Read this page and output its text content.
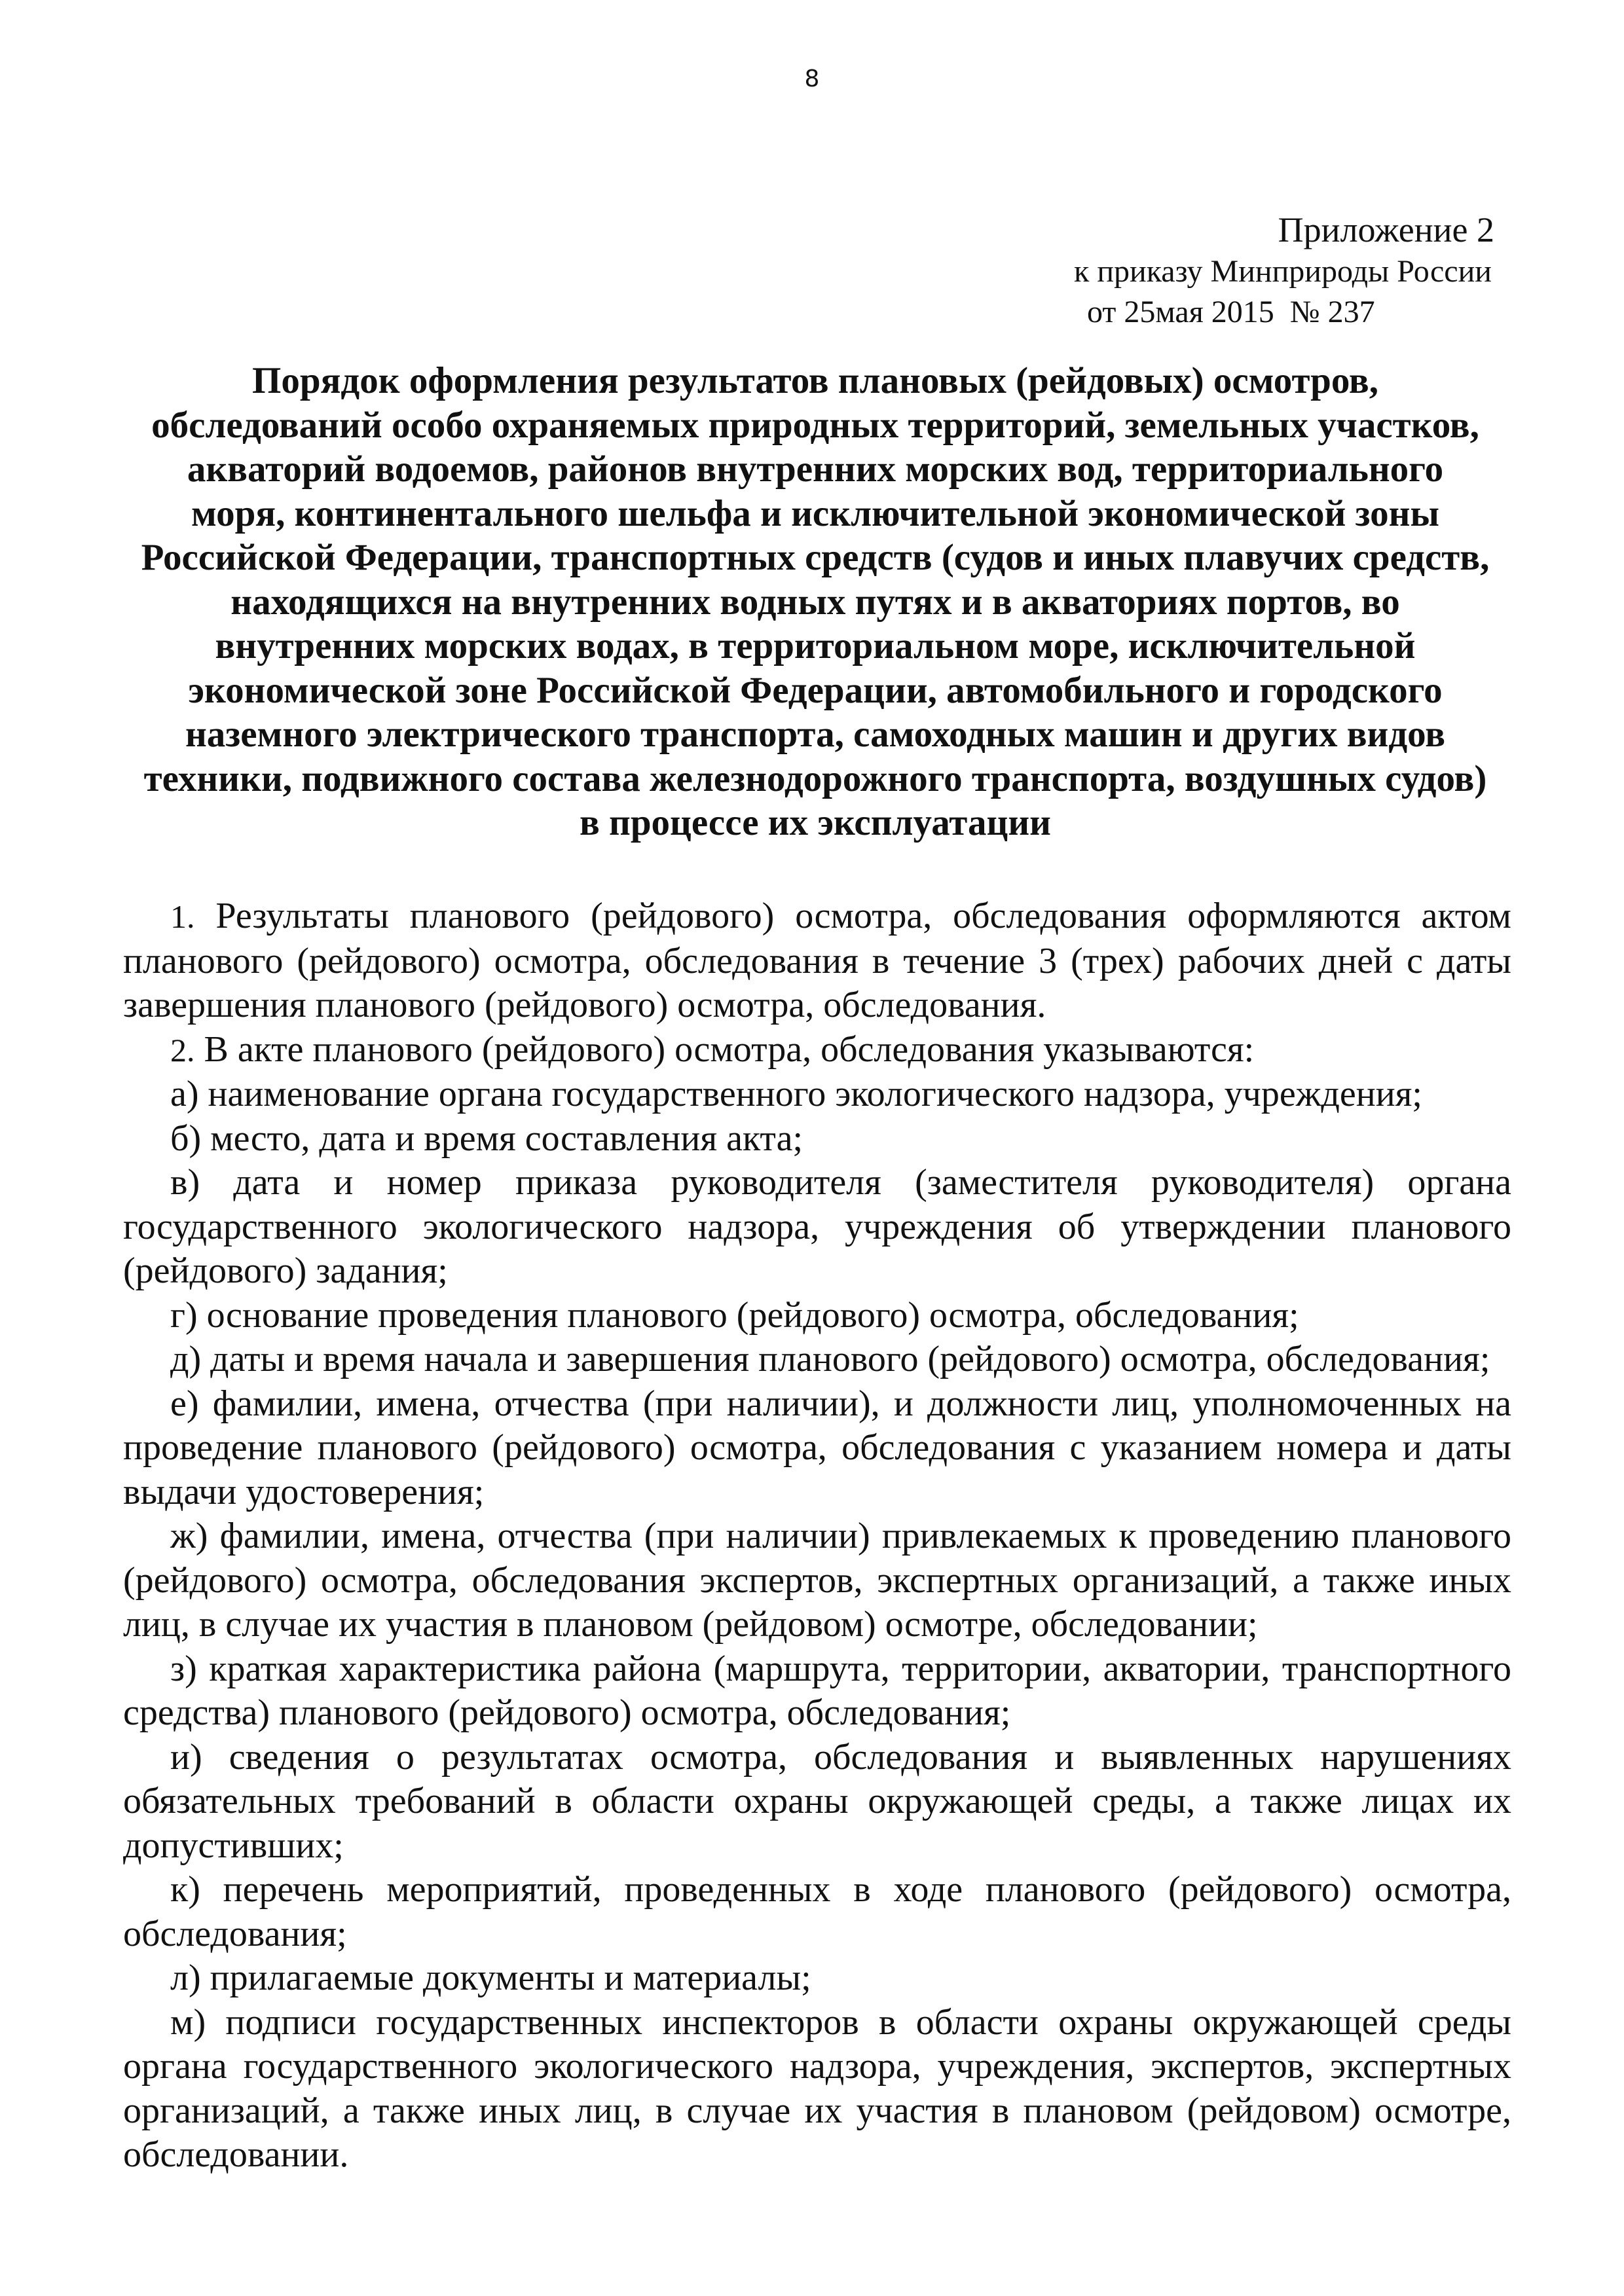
8
Приложение 2
к приказу Минприроды России
от 25мая 2015 № 237
Порядок оформления результатов плановых (рейдовых) осмотров,
обследований особо охраняемых природных территорий, земельных участков,
акваторий водоемов, районов внутренних морских вод, территориального
моря, континентального шельфа и исключительной экономической зоны
Российской Федерации, транспортных средств (судов и иных плавучих средств,
находящихся на внутренних водных путях и в акваториях портов, во
внутренних морских водах, в территориальном море, исключительной
экономической зоне Российской Федерации, автомобильного и городского
наземного электрического транспорта, самоходных машин и других видов
техники, подвижного состава железнодорожного транспорта, воздушных судов)
в процессе их эксплуатации

1. Результаты планового (рейдового) осмотра, обследования оформляются актом планового (рейдового) осмотра, обследования в течение 3 (трех) рабочих дней с даты завершения планового (рейдового) осмотра, обследования.

2. В акте планового (рейдового) осмотра, обследования указываются:

а) наименование органа государственного экологического надзора, учреждения;

б) место, дата и время составления акта;

в) дата и номер приказа руководителя (заместителя руководителя) органа государственного экологического надзора, учреждения об утверждении планового (рейдового) задания;

г) основание проведения планового (рейдового) осмотра, обследования;

д) даты и время начала и завершения планового (рейдового) осмотра, обследования;

е) фамилии, имена, отчества (при наличии), и должности лиц, уполномоченных на проведение планового (рейдового) осмотра, обследования с указанием номера и даты выдачи удостоверения;

ж) фамилии, имена, отчества (при наличии) привлекаемых к проведению планового (рейдового) осмотра, обследования экспертов, экспертных организаций, а также иных лиц, в случае их участия в плановом (рейдовом) осмотре, обследовании;

з) краткая характеристика района (маршрута, территории, акватории, транспортного средства) планового (рейдового) осмотра, обследования;

и) сведения о результатах осмотра, обследования и выявленных нарушениях обязательных требований в области охраны окружающей среды, а также лицах их допустивших;

к) перечень мероприятий, проведенных в ходе планового (рейдового) осмотра, обследования;

л) прилагаемые документы и материалы;

м) подписи государственных инспекторов в области охраны окружающей среды органа государственного экологического надзора, учреждения, экспертов, экспертных организаций, а также иных лиц, в случае их участия в плановом (рейдовом) осмотре, обследовании.
